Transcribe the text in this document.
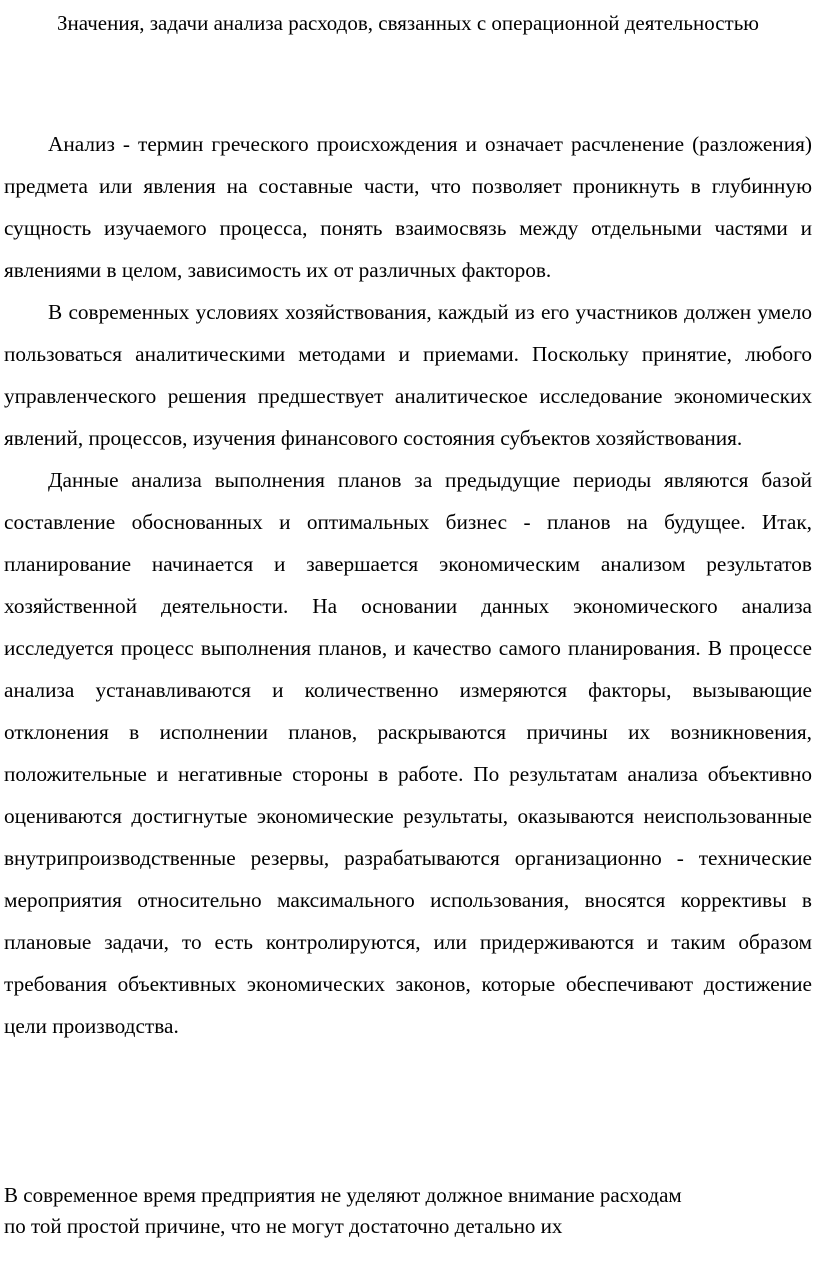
Значения, задачи анализа расходов, связанных с операционной деятельностью

Анализ - термин греческого происхождения и означает расчленение (разложения) предмета или явления на составные части, что позволяет проникнуть в глубинную сущность изучаемого процесса, понять взаимосвязь между отдельными частями и явлениями в целом, зависимость их от различных факторов.

В современных условиях хозяйствования, каждый из его участников должен умело пользоваться аналитическими методами и приемами. Поскольку принятие, любого управленческого решения предшествует аналитическое исследование экономических явлений, процессов, изучения финансового состояния субъектов хозяйствования.

Данные анализа выполнения планов за предыдущие периоды являются базой составление обоснованных и оптимальных бизнес - планов на будущее. Итак, планирование начинается и завершается экономическим анализом результатов хозяйственной деятельности. На основании данных экономического анализа исследуется процесс выполнения планов, и качество самого планирования. В процессе анализа устанавливаются и количественно измеряются факторы, вызывающие отклонения в исполнении планов, раскрываются причины их возникновения, положительные и негативные стороны в работе. По результатам анализа объективно оцениваются достигнутые экономические результаты, оказываются неиспользованные внутрипроизводственные резервы, разрабатываются организационно - технические мероприятия относительно максимального использования, вносятся коррективы в плановые задачи, то есть контролируются, или придерживаются и таким образом требования объективных экономических законов, которые обеспечивают достижение цели производства.

В современное время предприятия не уделяют должное внимание расходам

по той простой причине, что не могут достаточно детально их
